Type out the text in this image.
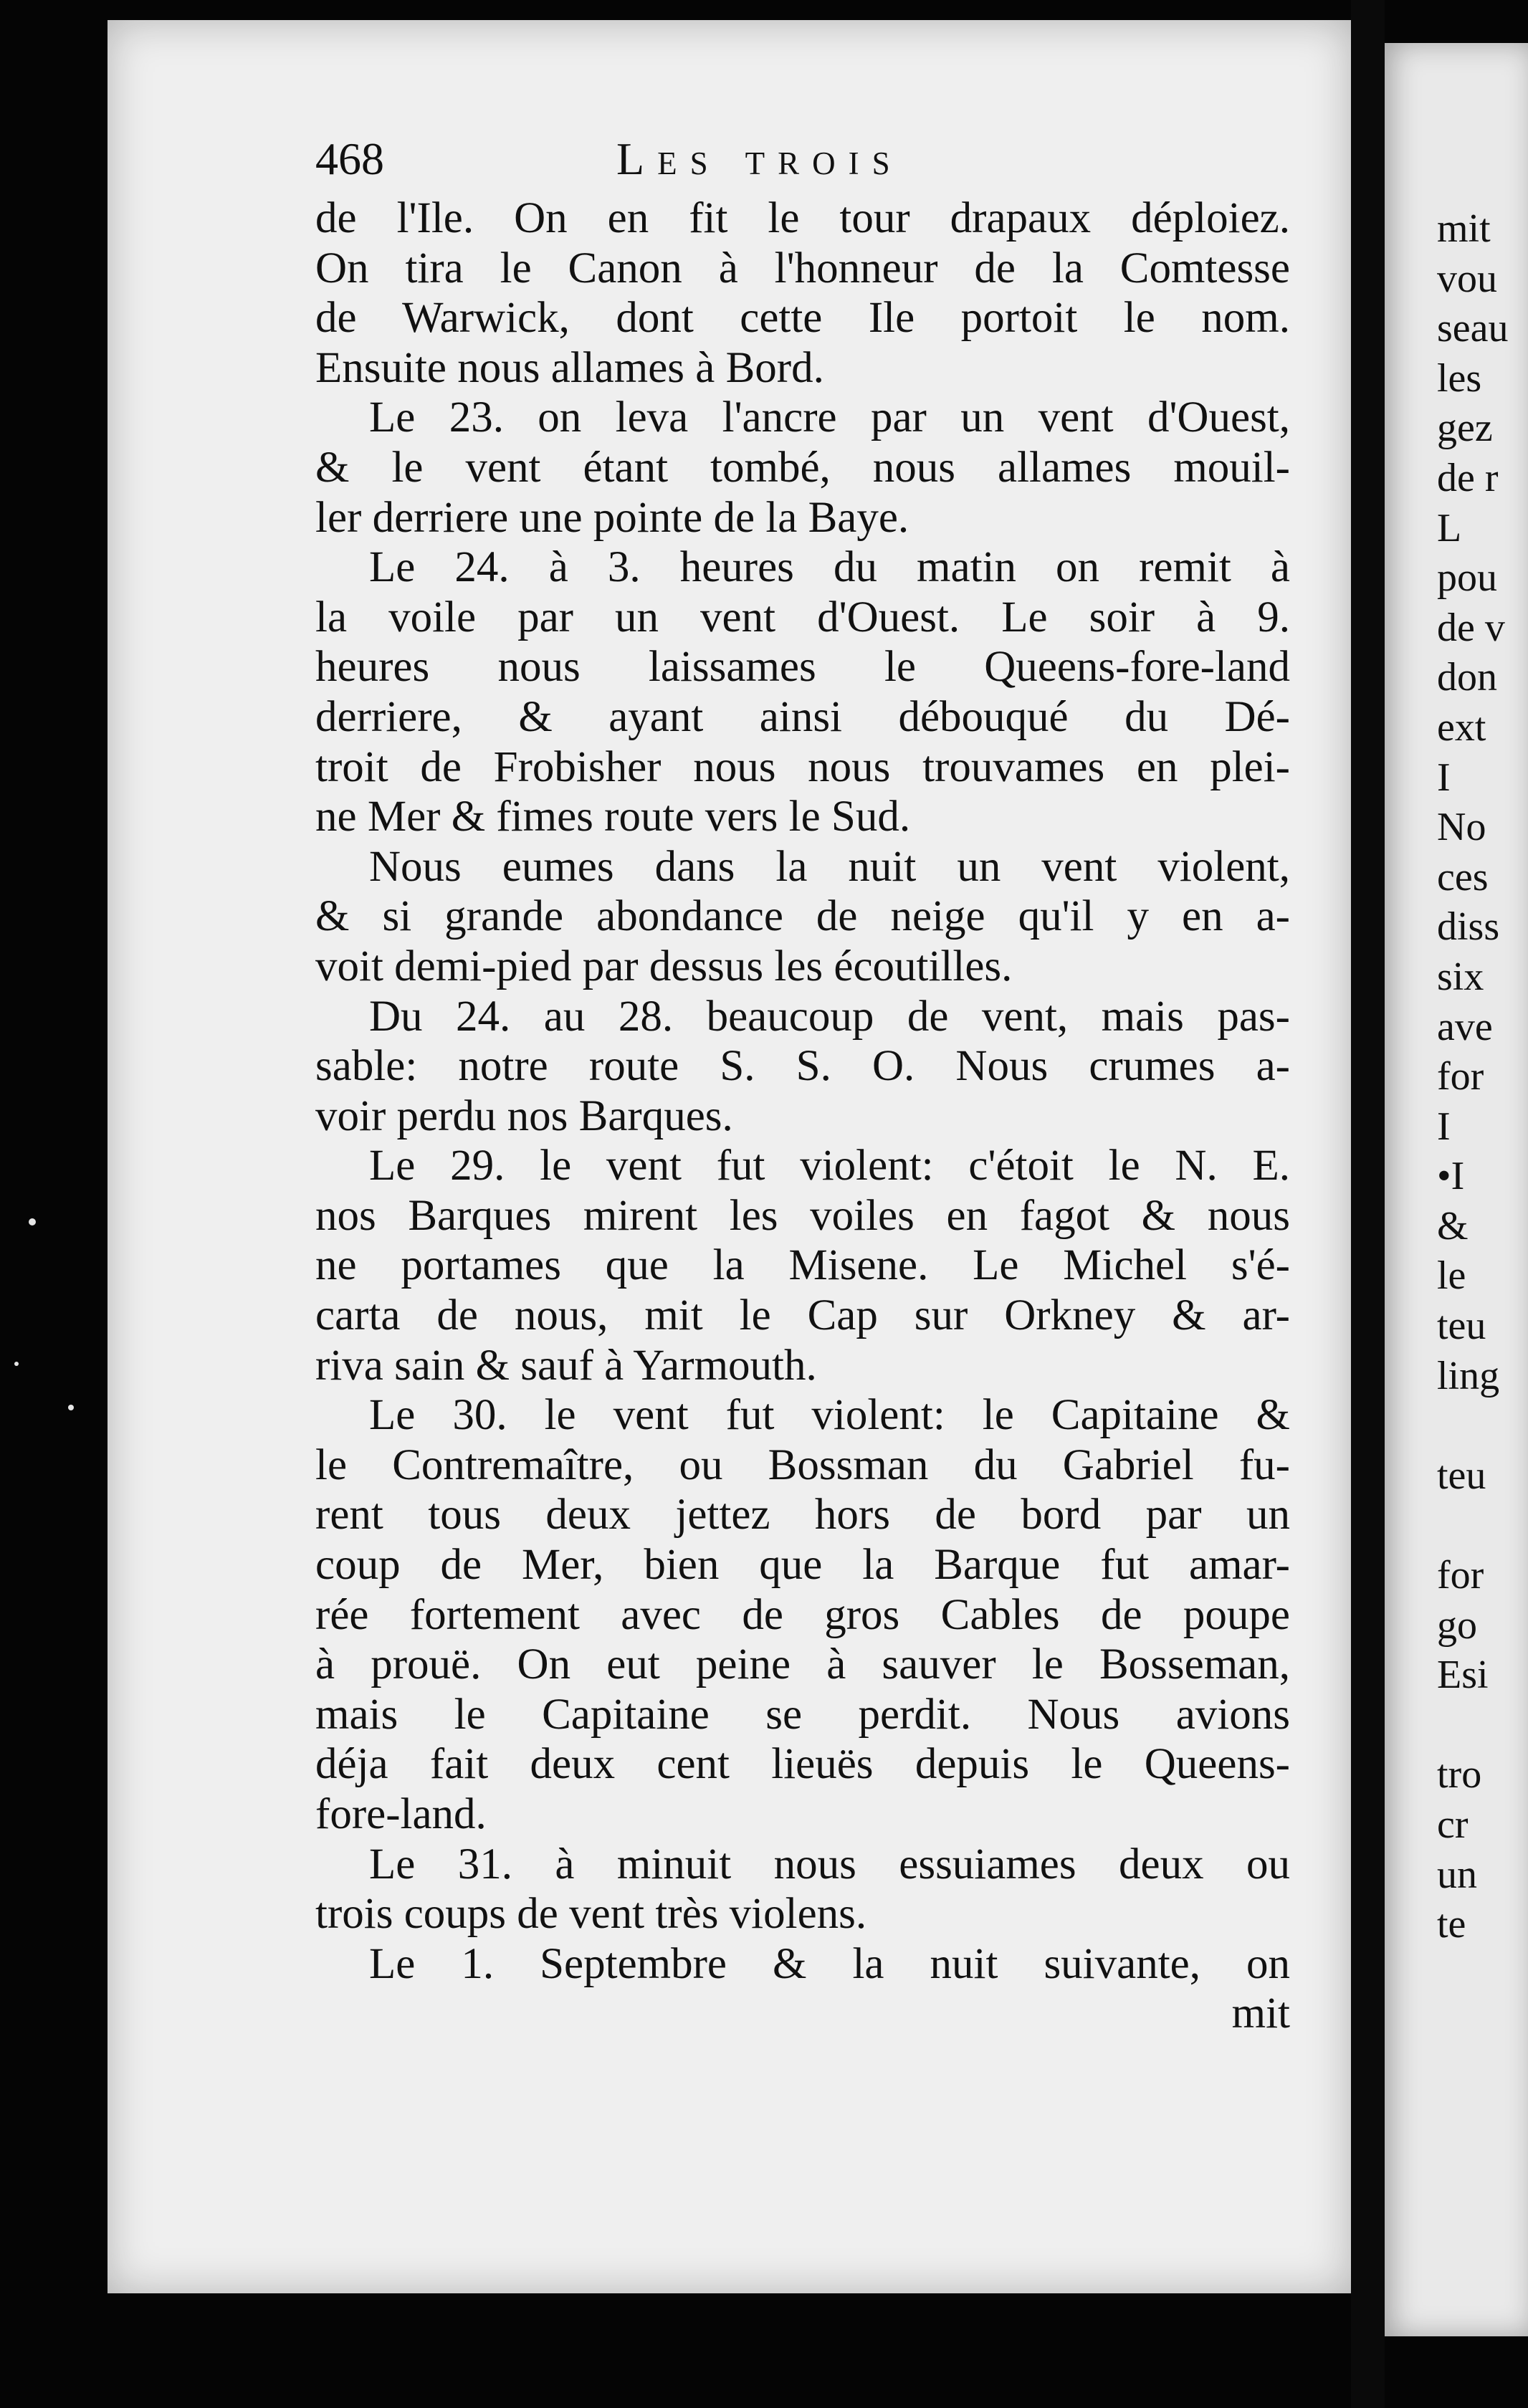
468	Les trois
de l'Ile. On en fit le tour drapaux déploiez.
On tira le Canon à l'honneur de la Comtesse
de Warwick, dont cette Ile portoit le nom.
Ensuite nous allames à Bord.
Le 23. on leva l'ancre par un vent d'Ouest,
& le vent étant tombé, nous allames mouil-
ler derriere une pointe de la Baye.
Le 24. à 3. heures du matin on remit à
la voile par un vent d'Ouest. Le soir à 9.
heures nous laissames le Queens-fore-land
derriere, & ayant ainsi débouqué du Dé-
troit de Frobisher nous nous trouvames en plei-
ne Mer & fimes route vers le Sud.
Nous eumes dans la nuit un vent violent,
& si grande abondance de neige qu'il y en a-
voit demi-pied par dessus les écoutilles.
Du 24. au 28. beaucoup de vent, mais pas-
sable: notre route S. S. O. Nous crumes a-
voir perdu nos Barques.
Le 29. le vent fut violent: c'étoit le N. E.
nos Barques mirent les voiles en fagot & nous
ne portames que la Misene. Le Michel s'é-
carta de nous, mit le Cap sur Orkney & ar-
riva sain & sauf à Yarmouth.
Le 30. le vent fut violent: le Capitaine &
le Contremaître, ou Bossman du Gabriel fu-
rent tous deux jettez hors de bord par un
coup de Mer, bien que la Barque fut amar-
rée fortement avec de gros Cables de poupe
à prouë. On eut peine à sauver le Bosseman,
mais le Capitaine se perdit. Nous avions
déja fait deux cent lieuës depuis le Queens-
fore-land.
Le 31. à minuit nous essuiames deux ou
trois coups de vent très violens.
Le 1. Septembre & la nuit suivante, on
mit
mit
vou
seau
les
gez
de r
L
pou
de v
don
ext
I
No
ces
diss
six
ave
for
I
•I
&
le
teu
ling

teu

for
go
Esi

tro
cr
un
te
